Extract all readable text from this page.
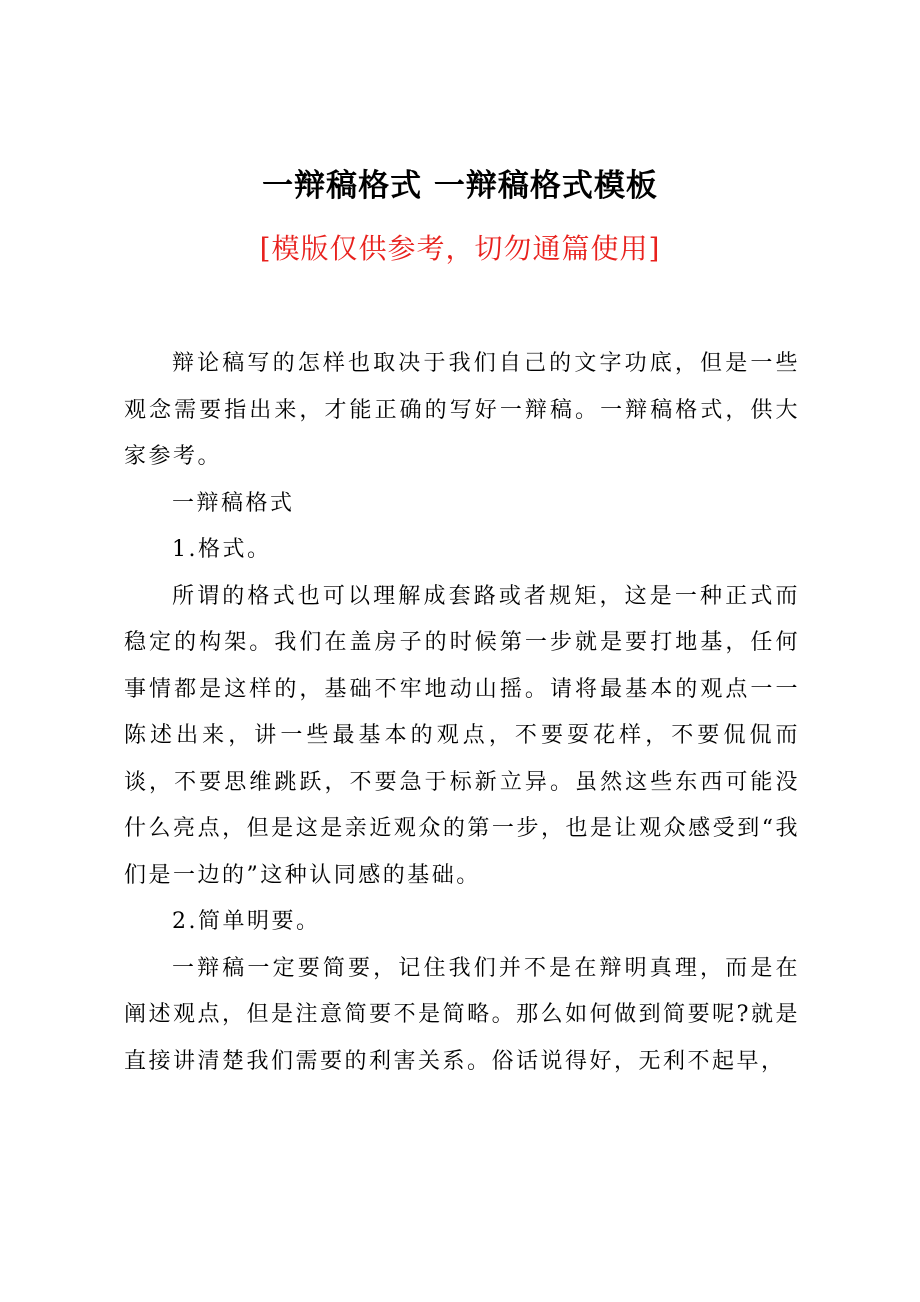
一辩稿格式 一辩稿格式模板
[模版仅供参考，切勿通篇使用]

辩论稿写的怎样也取决于我们自己的文字功底，但是一些观念需要指出来，才能正确的写好一辩稿。一辩稿格式，供大家参考。

一辩稿格式

1.格式。

所谓的格式也可以理解成套路或者规矩，这是一种正式而稳定的构架。我们在盖房子的时候第一步就是要打地基，任何事情都是这样的，基础不牢地动山摇。请将最基本的观点一一陈述出来，讲一些最基本的观点，不要耍花样，不要侃侃而谈，不要思维跳跃，不要急于标新立异。虽然这些东西可能没什么亮点，但是这是亲近观众的第一步，也是让观众感受到“我们是一边的”这种认同感的基础。

2.简单明要。

一辩稿一定要简要，记住我们并不是在辩明真理，而是在阐述观点，但是注意简要不是简略。那么如何做到简要呢?就是直接讲清楚我们需要的利害关系。俗话说得好，无利不起早，
